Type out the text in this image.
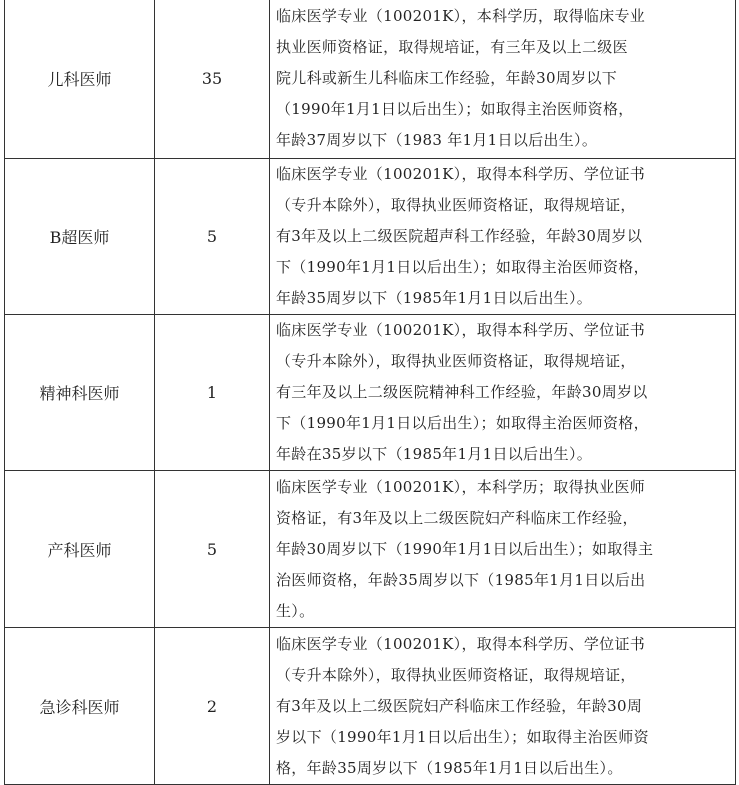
儿科医师	35	临床医学专业（100201K），本科学历，取得临床专业
执业医师资格证，取得规培证，有三年及以上二级医
院儿科或新生儿科临床工作经验，年龄30周岁以下
（1990年1月1日以后出生）；如取得主治医师资格，
年龄37周岁以下（1983 年1月1日以后出生）。

B超医师	5	临床医学专业（100201K），取得本科学历、学位证书
（专升本除外），取得执业医师资格证，取得规培证，
有3年及以上二级医院超声科工作经验，年龄30周岁以
下（1990年1月1日以后出生）；如取得主治医师资格，
年龄35周岁以下（1985年1月1日以后出生）。

精神科医师	1	临床医学专业（100201K），取得本科学历、学位证书
（专升本除外），取得执业医师资格证，取得规培证，
有三年及以上二级医院精神科工作经验，年龄30周岁以
下（1990年1月1日以后出生）；如取得主治医师资格，
年龄在35岁以下（1985年1月1日以后出生）。

产科医师	5	临床医学专业（100201K），本科学历；取得执业医师
资格证，有3年及以上二级医院妇产科临床工作经验，
年龄30周岁以下（1990年1月1日以后出生）；如取得主
治医师资格，年龄35周岁以下（1985年1月1日以后出
生）。

急诊科医师	2	临床医学专业（100201K），取得本科学历、学位证书
（专升本除外），取得执业医师资格证，取得规培证，
有3年及以上二级医院妇产科临床工作经验，年龄30周
岁以下（1990年1月1日以后出生）；如取得主治医师资
格，年龄35周岁以下（1985年1月1日以后出生）。
